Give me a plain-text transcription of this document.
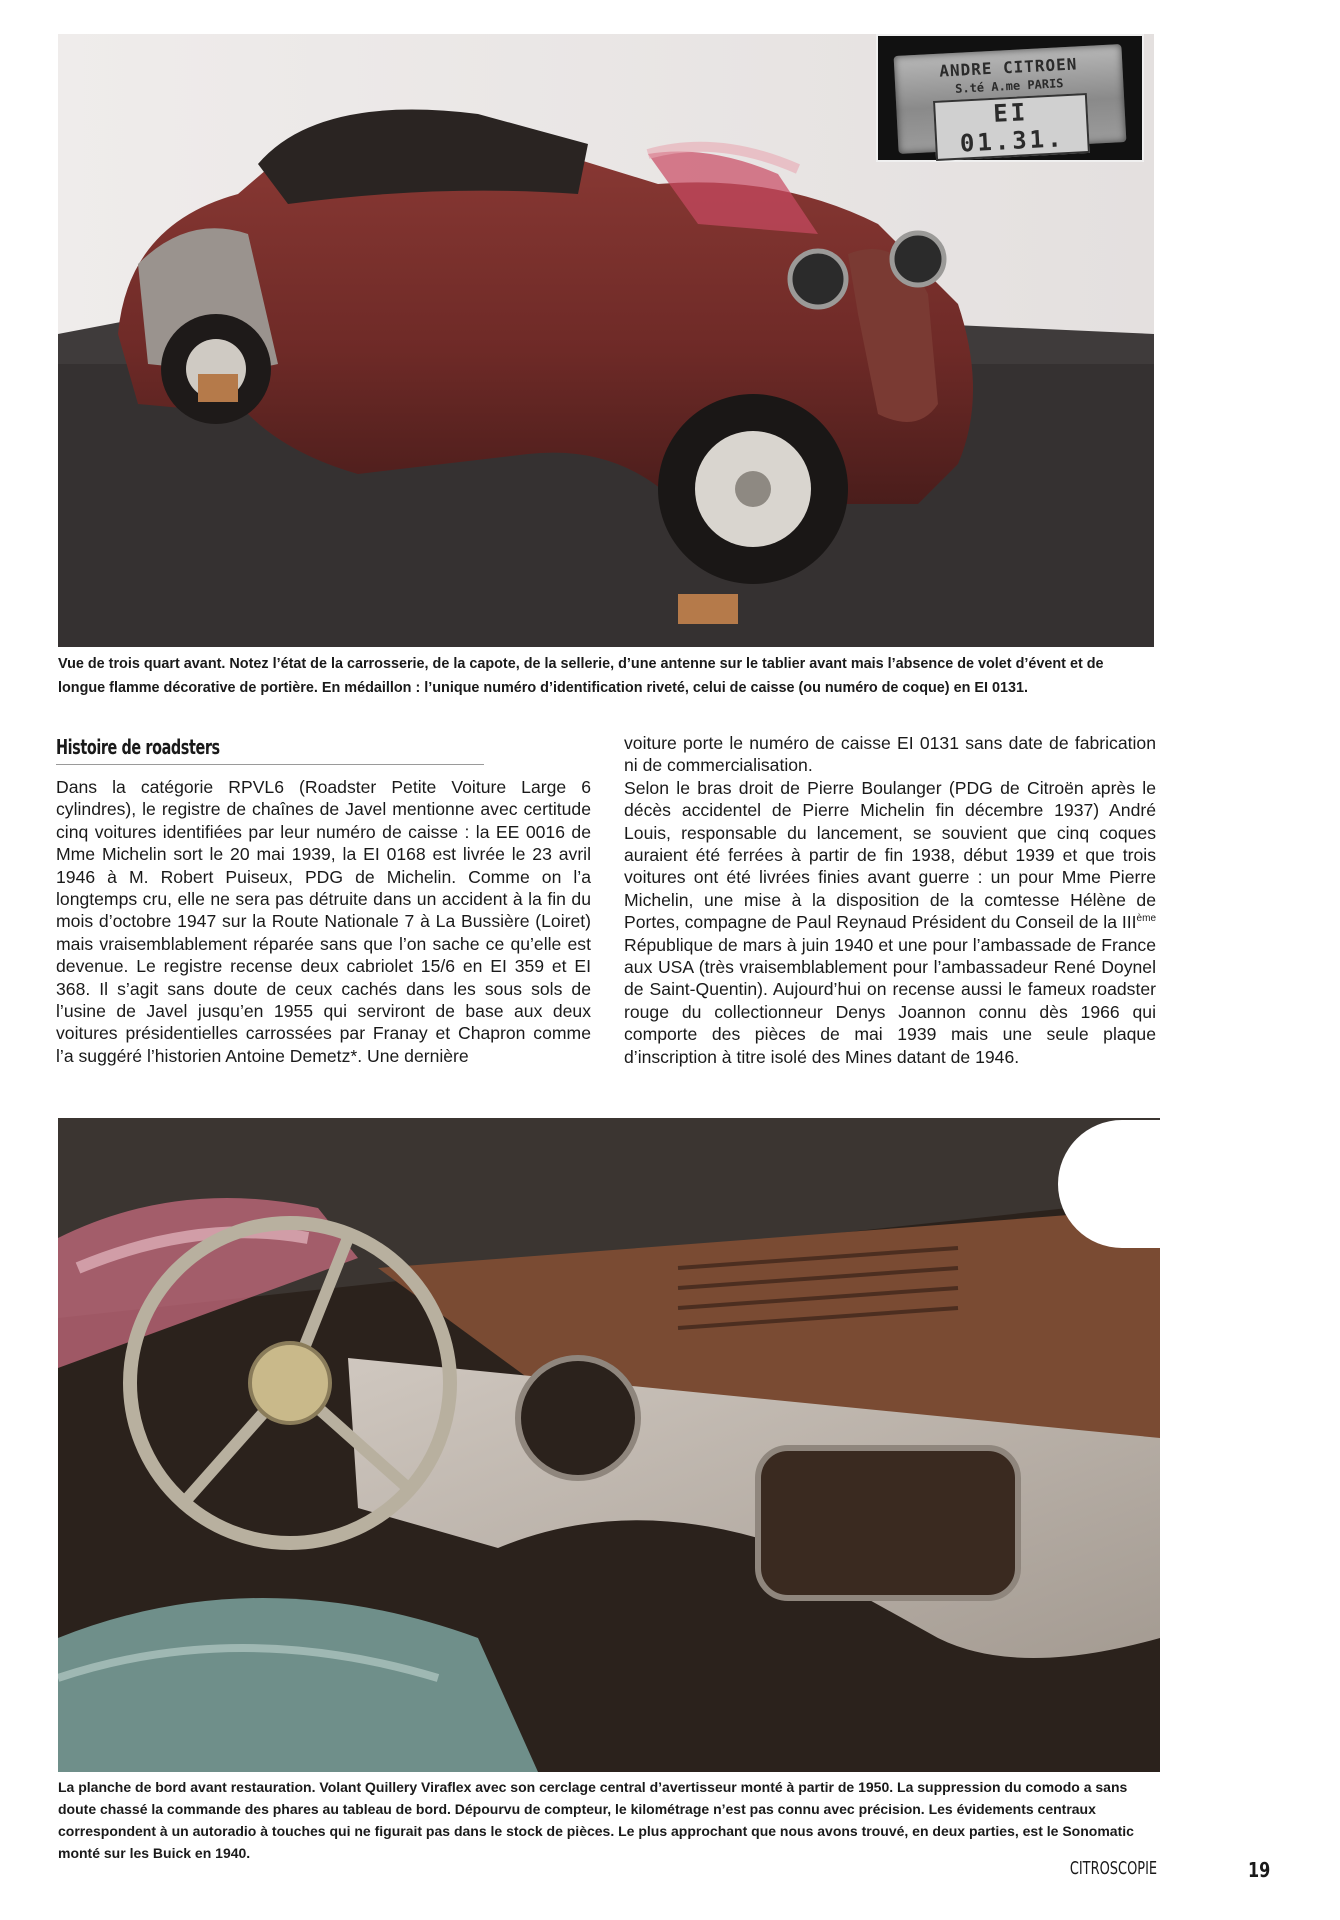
ANDRE CITROEN
S.té A.me PARIS
EI 01.31.

Vue de trois quart avant. Notez l’état de la carrosserie, de la capote, de la sellerie, d’une antenne sur le tablier avant mais l’absence de volet d’évent et de longue flamme décorative de portière. En médaillon : l’unique numéro d’identification riveté, celui de caisse (ou numéro de coque) en EI 0131.

Histoire de roadsters

Dans la catégorie RPVL6 (Roadster Petite Voiture Large 6 cylindres), le registre de chaînes de Javel mentionne avec certitude cinq voitures identifiées par leur numéro de caisse : la EE 0016 de Mme Michelin sort le 20 mai 1939, la EI 0168 est livrée le 23 avril 1946 à M. Robert Puiseux, PDG de Michelin. Comme on l’a longtemps cru, elle ne sera pas détruite dans un accident à la fin du mois d’octobre 1947 sur la Route Nationale 7 à La Bussière (Loiret) mais vraisemblablement réparée sans que l’on sache ce qu’elle est devenue. Le registre recense deux cabriolet 15/6 en EI 359 et EI 368. Il s’agit sans doute de ceux cachés dans les sous sols de l’usine de Javel jusqu’en 1955 qui serviront de base aux deux voitures présidentielles carrossées par Franay et Chapron comme l’a suggéré l’historien Antoine Demetz*. Une dernière

voiture porte le numéro de caisse EI 0131 sans date de fabrication ni de commercialisation.

Selon le bras droit de Pierre Boulanger (PDG de Citroën après le décès accidentel de Pierre Michelin fin décembre 1937) André Louis, responsable du lancement, se souvient que cinq coques auraient été ferrées à partir de fin 1938, début 1939 et que trois voitures ont été livrées finies avant guerre : un pour Mme Pierre Michelin, une mise à la disposition de la comtesse Hélène de Portes, compagne de Paul Reynaud Président du Conseil de la IIIème République de mars à juin 1940 et une pour l’ambassade de France aux USA (très vraisemblablement pour l’ambassadeur René Doynel de Saint-Quentin). Aujourd’hui on recense aussi le fameux roadster rouge du collectionneur Denys Joannon connu dès 1966 qui comporte des pièces de mai 1939 mais une seule plaque d’inscription à titre isolé des Mines datant de 1946.

La planche de bord avant restauration. Volant Quillery Viraflex avec son cerclage central d’avertisseur monté à partir de 1950. La suppression du comodo a sans doute chassé la commande des phares au tableau de bord. Dépourvu de compteur, le kilométrage n’est pas connu avec précision. Les évidements centraux correspondent à un autoradio à touches qui ne figurait pas dans le stock de pièces. Le plus approchant que nous avons trouvé, en deux parties, est le Sonomatic monté sur les Buick en 1940.

CITROSCOPIE	19
